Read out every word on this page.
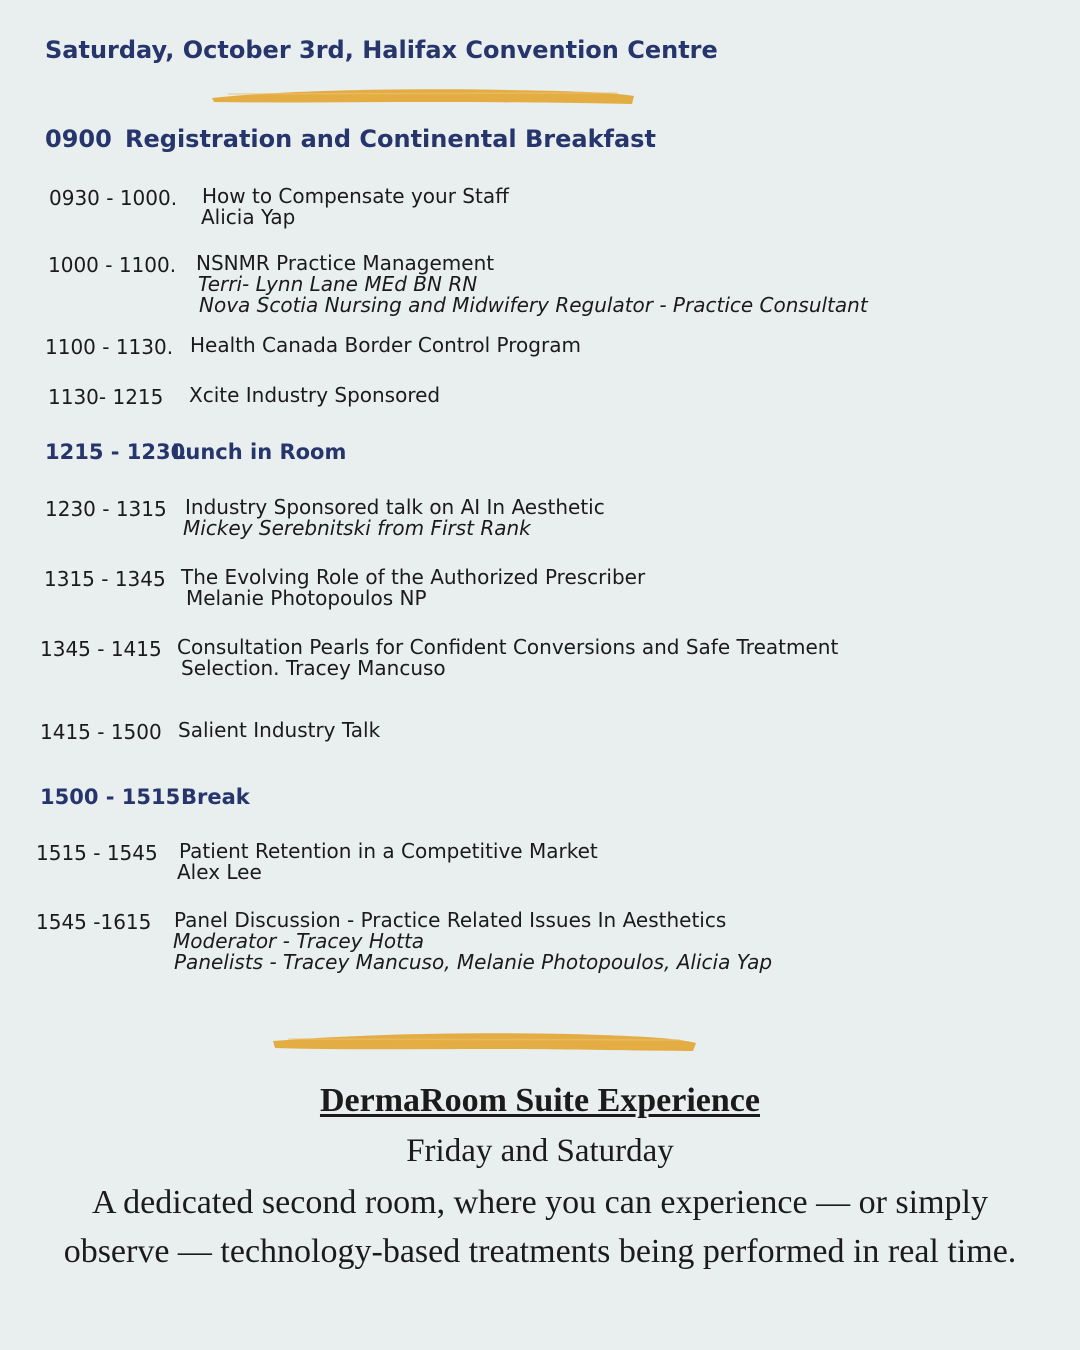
Saturday, October 3rd, Halifax Convention Centre
0900 Registration and Continental Breakfast
0930 - 1000. How to Compensate your Staff
Alicia Yap
1000 - 1100. NSNMR Practice Management
Terri- Lynn Lane MEd BN RN
Nova Scotia Nursing and Midwifery Regulator - Practice Consultant
1100 - 1130. Health Canada Border Control Program
1130- 1215 Xcite Industry Sponsored
1215 - 1230
Lunch in Room
1230 - 1315 Industry Sponsored talk on AI In Aesthetic
Mickey Serebnitski from First Rank
1315 - 1345 The Evolving Role of the Authorized Prescriber
Melanie Photopoulos NP
1345 - 1415 Consultation Pearls for Confident Conversions and Safe Treatment
Selection. Tracey Mancuso
1415 - 1500 Salient Industry Talk
1500 - 1515 Break
1515 - 1545 Patient Retention in a Competitive Market
Alex Lee
1545 -1615 Panel Discussion - Practice Related Issues In Aesthetics
Moderator - Tracey Hotta
Panelists - Tracey Mancuso, Melanie Photopoulos, Alicia Yap
DermaRoom Suite Experience
Friday and Saturday
A dedicated second room, where you can experience — or simply observe — technology-based treatments being performed in real time.
